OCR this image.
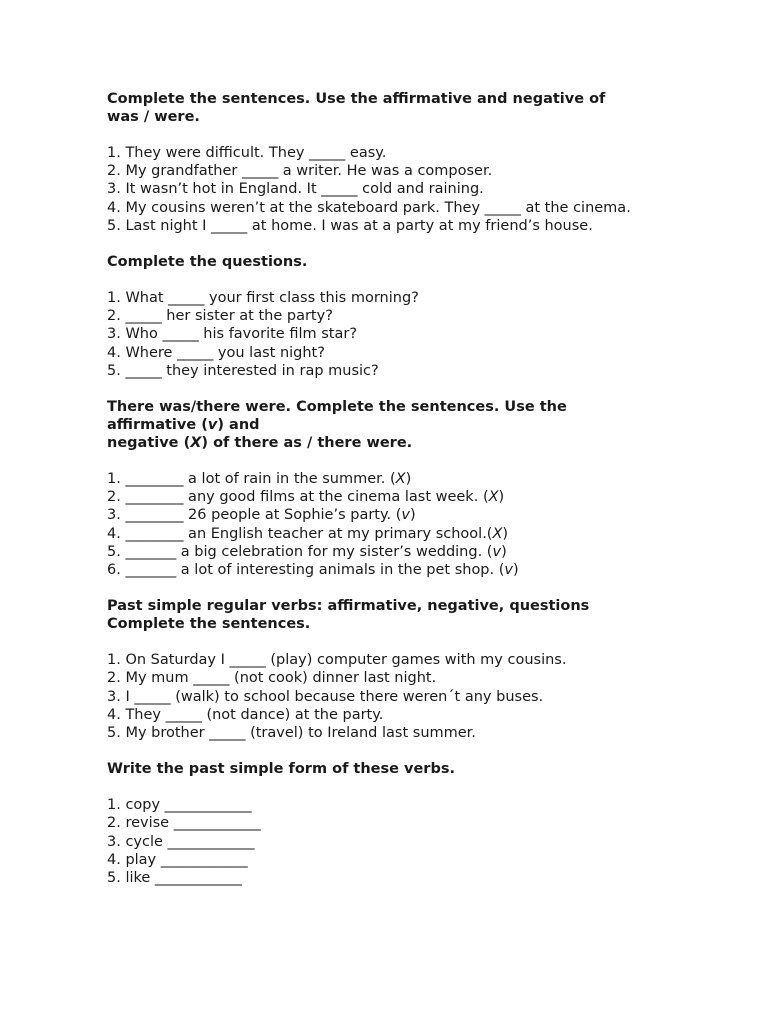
Complete the sentences. Use the affirmative and negative of
was / were.

1. They were difficult. They _____ easy.
2. My grandfather _____ a writer. He was a composer.
3. It wasn’t hot in England. It _____ cold and raining.
4. My cousins weren’t at the skateboard park. They _____ at the cinema.
5. Last night I _____ at home. I was at a party at my friend’s house.

Complete the questions.

1. What _____ your first class this morning?
2. _____ her sister at the party?
3. Who _____ his favorite film star?
4. Where _____ you last night?
5. _____ they interested in rap music?

There was/there were. Complete the sentences. Use the
affirmative (v) and
negative (X) of there as / there were.

1. ________ a lot of rain in the summer. (X)
2. ________ any good films at the cinema last week. (X)
3. ________ 26 people at Sophie’s party. (v)
4. ________ an English teacher at my primary school.(X)
5. _______ a big celebration for my sister’s wedding. (v)
6. _______ a lot of interesting animals in the pet shop. (v)

Past simple regular verbs: affirmative, negative, questions
Complete the sentences.

1. On Saturday I _____ (play) computer games with my cousins.
2. My mum _____ (not cook) dinner last night.
3. I _____ (walk) to school because there weren´t any buses.
4. They _____ (not dance) at the party.
5. My brother _____ (travel) to Ireland last summer.

Write the past simple form of these verbs.

1. copy ____________
2. revise ____________
3. cycle ____________
4. play ____________
5. like ____________
